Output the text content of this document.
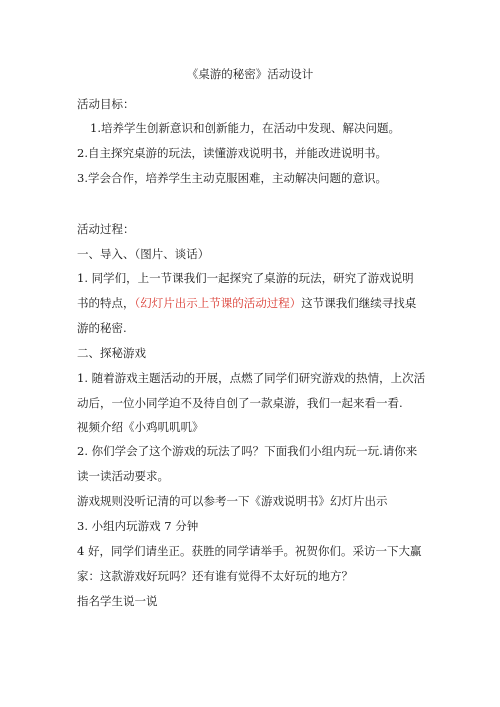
《桌游的秘密》活动设计
活动目标：
1.培养学生创新意识和创新能力，在活动中发现、解决问题。
2.自主探究桌游的玩法，读懂游戏说明书，并能改进说明书。
3.学会合作，培养学生主动克服困难，主动解决问题的意识。
活动过程：
一、导入、（图片、谈话）
1. 同学们，上一节课我们一起探究了桌游的玩法，研究了游戏说明
书的特点，（幻灯片出示上节课的活动过程）这节课我们继续寻找桌
游的秘密.
二、探秘游戏
1. 随着游戏主题活动的开展，点燃了同学们研究游戏的热情，上次活
动后，一位小同学迫不及待自创了一款桌游，我们一起来看一看.
视频介绍《小鸡叽叽叽》
2. 你们学会了这个游戏的玩法了吗？下面我们小组内玩一玩.请你来
读一读活动要求。
游戏规则没听记清的可以参考一下《游戏说明书》幻灯片出示
3. 小组内玩游戏 7 分钟
4 好，同学们请坐正。获胜的同学请举手。祝贺你们。采访一下大赢
家：这款游戏好玩吗？还有谁有觉得不太好玩的地方？
指名学生说一说
